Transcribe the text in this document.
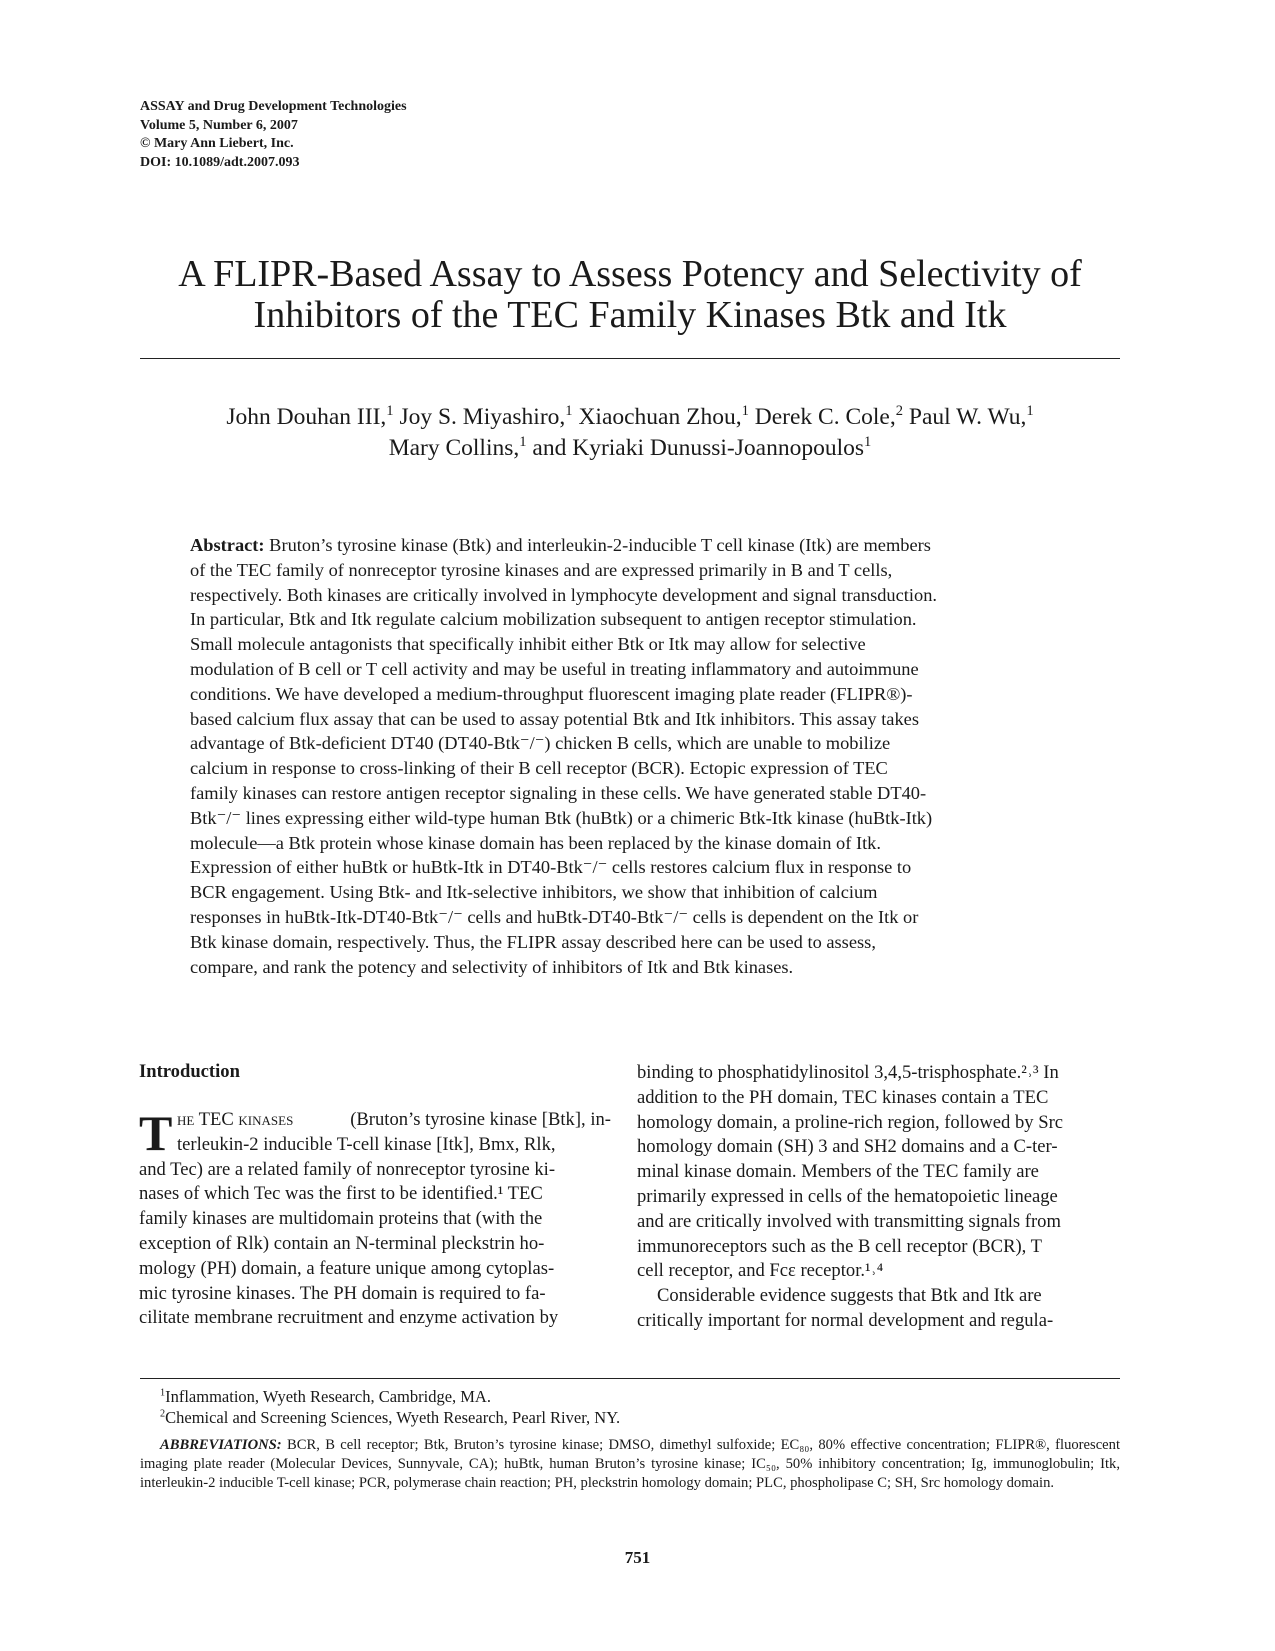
ASSAY and Drug Development Technologies
Volume 5, Number 6, 2007
© Mary Ann Liebert, Inc.
DOI: 10.1089/adt.2007.093
A FLIPR-Based Assay to Assess Potency and Selectivity of
Inhibitors of the TEC Family Kinases Btk and Itk
John Douhan III,$^1$ Joy S. Miyashiro,$^1$ Xiaochuan Zhou,$^1$ Derek C. Cole,$^2$ Paul W. Wu,$^1$
Mary Collins,$^1$ and Kyriaki Dunussi-Joannopoulos$^1$
Abstract: Bruton’s tyrosine kinase (Btk) and interleukin-2-inducible T cell kinase (Itk) are members
of the TEC family of nonreceptor tyrosine kinases and are expressed primarily in B and T cells,
respectively. Both kinases are critically involved in lymphocyte development and signal transduction.
In particular, Btk and Itk regulate calcium mobilization subsequent to antigen receptor stimulation.
Small molecule antagonists that specifically inhibit either Btk or Itk may allow for selective
modulation of B cell or T cell activity and may be useful in treating inflammatory and autoimmune
conditions. We have developed a medium-throughput fluorescent imaging plate reader (FLIPR®)-
based calcium flux assay that can be used to assay potential Btk and Itk inhibitors. This assay takes
advantage of Btk-deficient DT40 (DT40-Btk⁻/⁻) chicken B cells, which are unable to mobilize
calcium in response to cross-linking of their B cell receptor (BCR). Ectopic expression of TEC
family kinases can restore antigen receptor signaling in these cells. We have generated stable DT40-
Btk⁻/⁻ lines expressing either wild-type human Btk (huBtk) or a chimeric Btk-Itk kinase (huBtk-Itk)
molecule—a Btk protein whose kinase domain has been replaced by the kinase domain of Itk.
Expression of either huBtk or huBtk-Itk in DT40-Btk⁻/⁻ cells restores calcium flux in response to
BCR engagement. Using Btk- and Itk-selective inhibitors, we show that inhibition of calcium
responses in huBtk-Itk-DT40-Btk⁻/⁻ cells and huBtk-DT40-Btk⁻/⁻ cells is dependent on the Itk or
Btk kinase domain, respectively. Thus, the FLIPR assay described here can be used to assess,
compare, and rank the potency and selectivity of inhibitors of Itk and Btk kinases.
Introduction
T he TEC kinases	(Bruton’s tyrosine kinase [Btk], in-
terleukin-2 inducible T-cell kinase [Itk], Bmx, Rlk,
and Tec) are a related family of nonreceptor tyrosine ki-
nases of which Tec was the first to be identified.¹ TEC
family kinases are multidomain proteins that (with the
exception of Rlk) contain an N-terminal pleckstrin ho-
mology (PH) domain, a feature unique among cytoplas-
mic tyrosine kinases. The PH domain is required to fa-
cilitate membrane recruitment and enzyme activation by
binding to phosphatidylinositol 3,4,5-trisphosphate.²˒³ In
addition to the PH domain, TEC kinases contain a TEC
homology domain, a proline-rich region, followed by Src
homology domain (SH) 3 and SH2 domains and a C-ter-
minal kinase domain. Members of the TEC family are
primarily expressed in cells of the hematopoietic lineage
and are critically involved with transmitting signals from
immunoreceptors such as the B cell receptor (BCR), T
cell receptor, and Fcε receptor.¹˒⁴
Considerable evidence suggests that Btk and Itk are
critically important for normal development and regula-
$^1$Inflammation, Wyeth Research, Cambridge, MA.
$^2$Chemical and Screening Sciences, Wyeth Research, Pearl River, NY.
ABBREVIATIONS: BCR, B cell receptor; Btk, Bruton’s tyrosine kinase; DMSO, dimethyl sulfoxide; EC₈₀, 80% effective concentration; FLIPR®, fluorescent imaging plate reader (Molecular Devices, Sunnyvale, CA); huBtk, human Bruton’s tyrosine kinase; IC₅₀, 50% inhibitory concentration; Ig, immunoglobulin; Itk, interleukin-2 inducible T-cell kinase; PCR, polymerase chain reaction; PH, pleckstrin homology domain; PLC, phospholipase C; SH, Src homology domain.
751
